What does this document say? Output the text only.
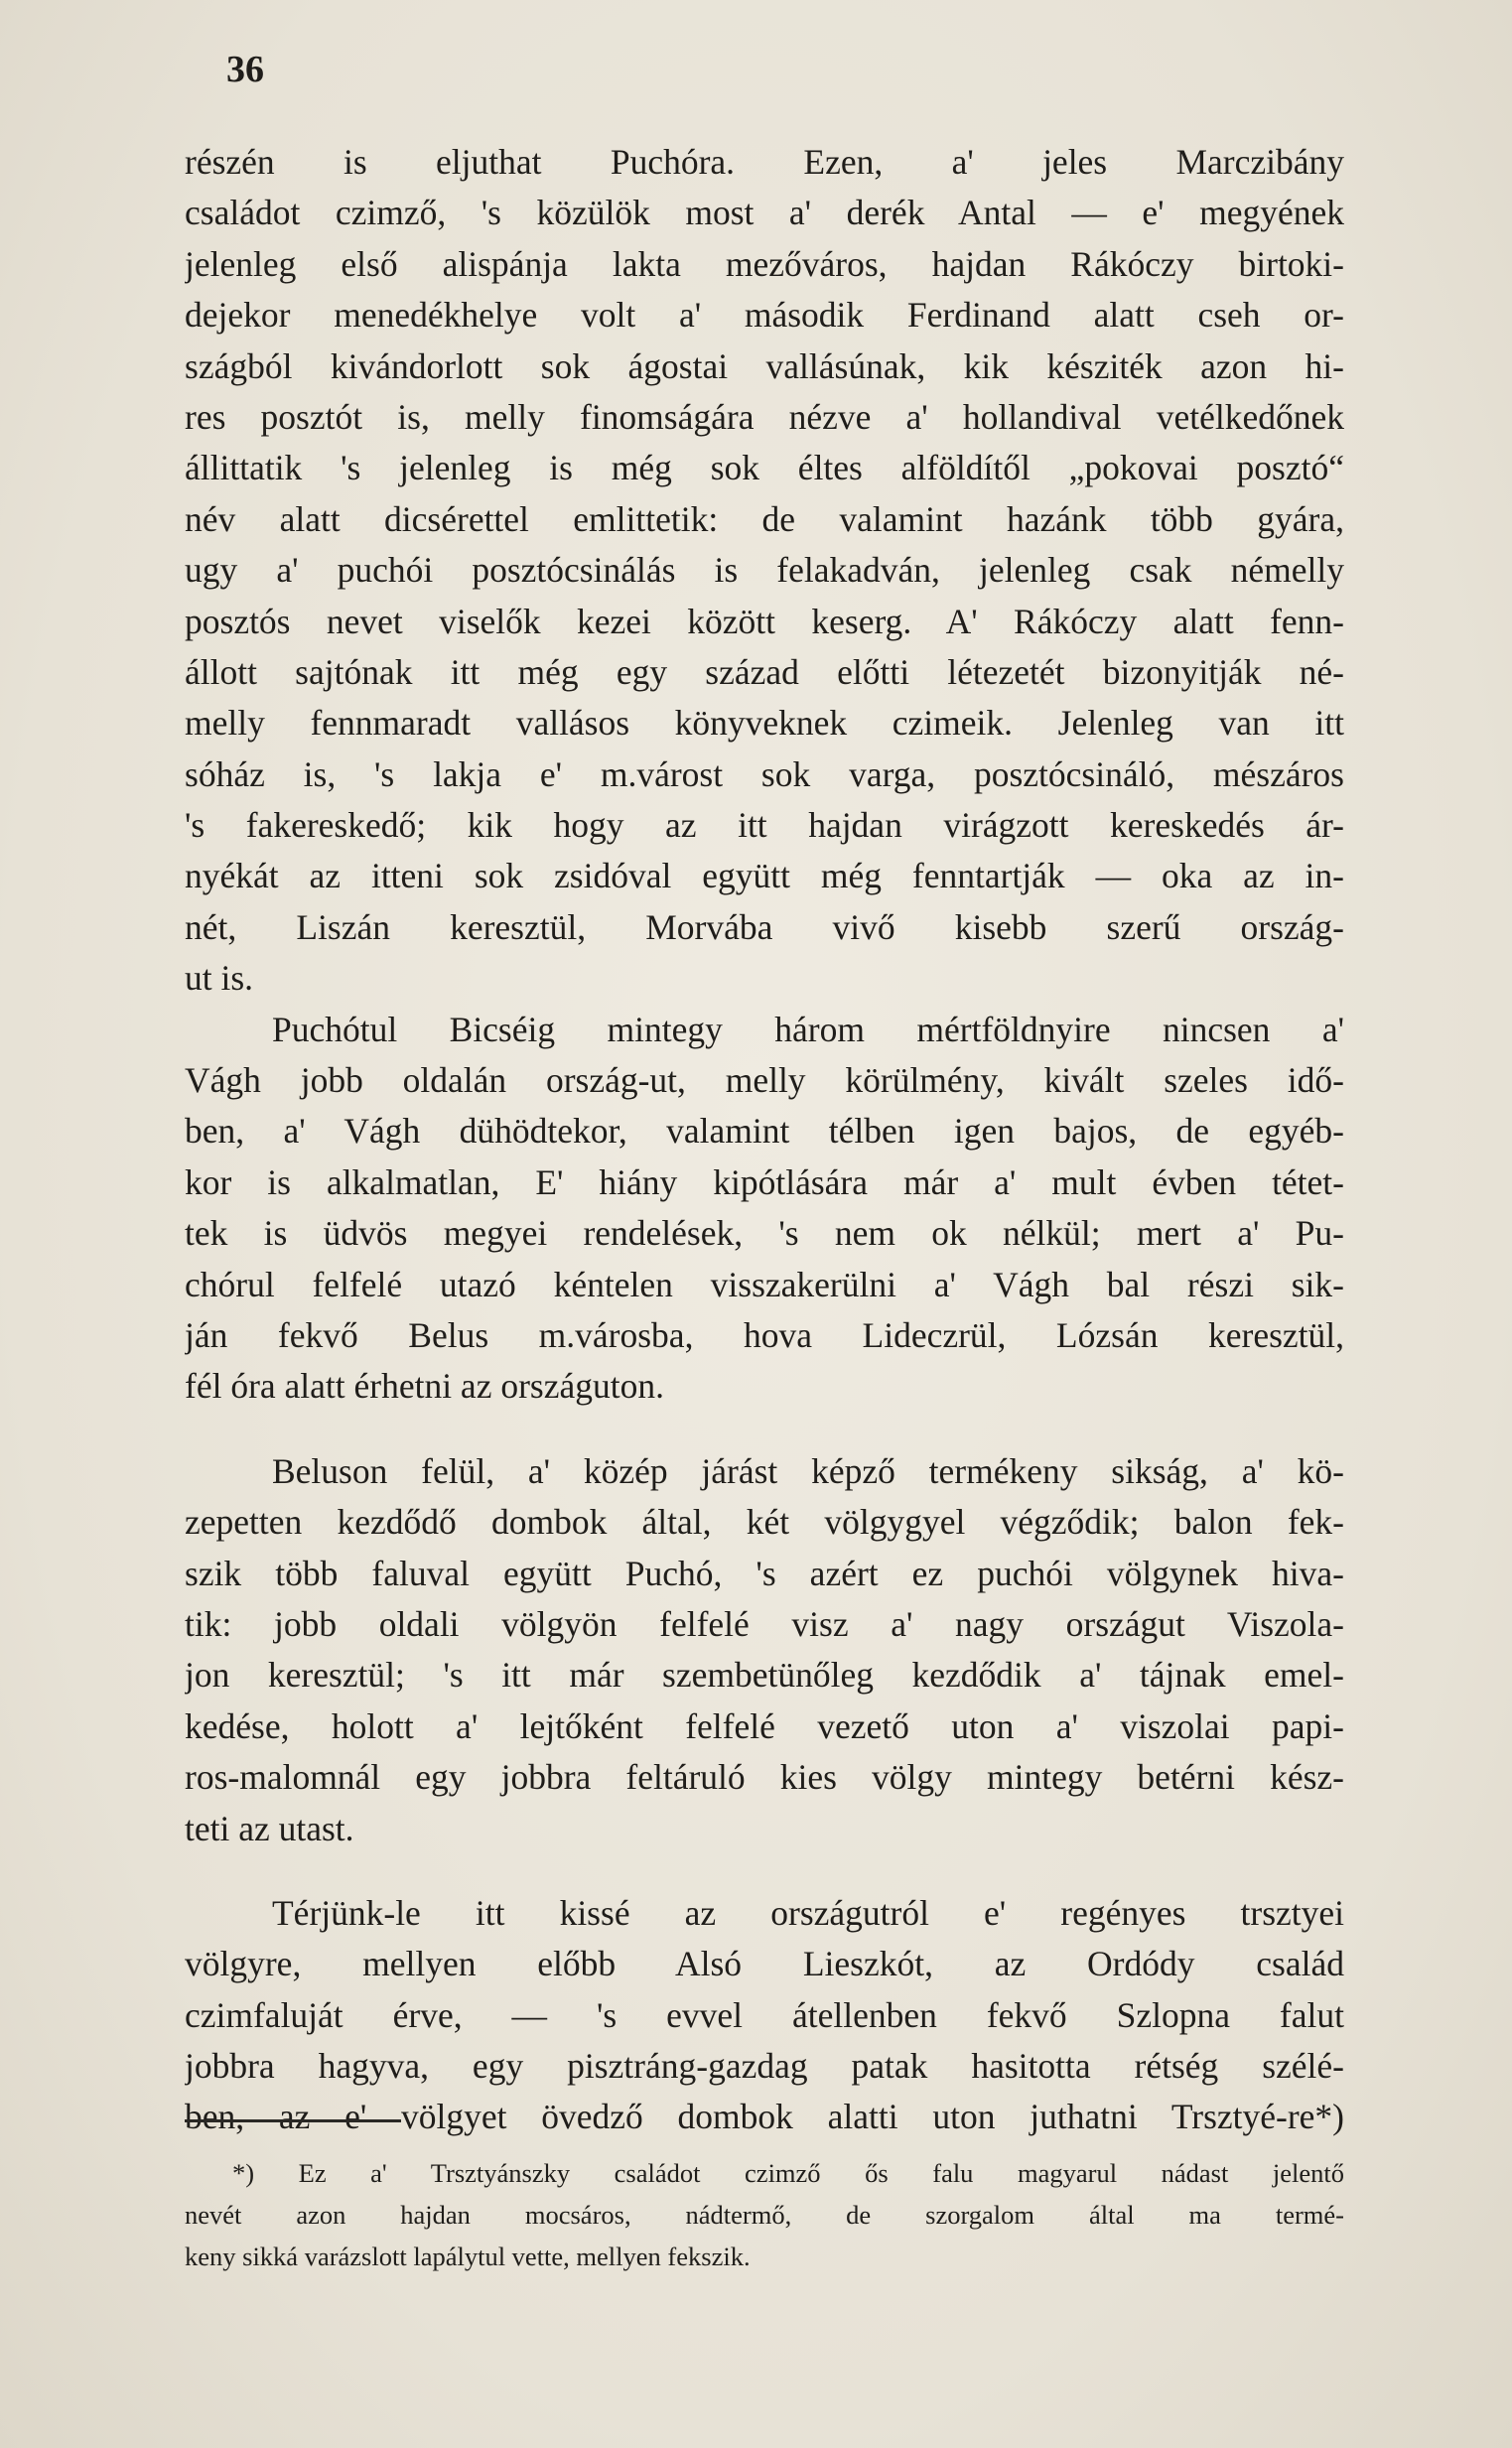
36
részén is eljuthat Puchóra. Ezen, a' jeles Marczibány
családot czimző, 's közülök most a' derék Antal — e' megyének
jelenleg első alispánja lakta mezőváros, hajdan Rákóczy birtoki-
dejekor menedékhelye volt a' második Ferdinand alatt cseh or-
szágból kivándorlott sok ágostai vallásúnak, kik késziték azon hi-
res posztót is, melly finomságára nézve a' hollandival vetélkedőnek
állittatik 's jelenleg is még sok éltes alföldítől „pokovai posztó“
név alatt dicsérettel emlittetik: de valamint hazánk több gyára,
ugy a' puchói posztócsinálás is felakadván, jelenleg csak némelly
posztós nevet viselők kezei között keserg. A' Rákóczy alatt fenn-
állott sajtónak itt még egy század előtti létezetét bizonyitják né-
melly fennmaradt vallásos könyveknek czimeik. Jelenleg van itt
sóház is, 's lakja e' m.várost sok varga, posztócsináló, mészáros
's fakereskedő; kik hogy az itt hajdan virágzott kereskedés ár-
nyékát az itteni sok zsidóval együtt még fenntartják — oka az in-
nét, Liszán keresztül, Morvába vivő kisebb szerű ország-
ut is.
Puchótul Bicséig mintegy három mértföldnyire nincsen a'
Vágh jobb oldalán ország-ut, melly körülmény, kivált szeles idő-
ben, a' Vágh dühödtekor, valamint télben igen bajos, de egyéb-
kor is alkalmatlan, E' hiány kipótlására már a' mult évben tétet-
tek is üdvös megyei rendelések, 's nem ok nélkül; mert a' Pu-
chórul felfelé utazó kéntelen visszakerülni a' Vágh bal részi sik-
ján fekvő Belus m.városba, hova Lideczrül, Lózsán keresztül,
fél óra alatt érhetni az országuton.
Beluson felül, a' közép járást képző termékeny sikság, a' kö-
zepetten kezdődő dombok által, két völgygyel végződik; balon fek-
szik több faluval együtt Puchó, 's azért ez puchói völgynek hiva-
tik: jobb oldali völgyön felfelé visz a' nagy országut Viszola-
jon keresztül; 's itt már szembetünőleg kezdődik a' tájnak emel-
kedése, holott a' lejtőként felfelé vezető uton a' viszolai papi-
ros-malomnál egy jobbra feltáruló kies völgy mintegy betérni kész-
teti az utast.
Térjünk-le itt kissé az országutról e' regényes trsztyei
völgyre, mellyen előbb Alsó Lieszkót, az Ordódy család
czimfaluját érve, — 's evvel átellenben fekvő Szlopna falut
jobbra hagyva, egy pisztráng-gazdag patak hasitotta rétség szélé-
ben, az e' völgyet övedző dombok alatti uton juthatni Trsztyé-re*)
*) Ez a' Trsztyánszky családot czimző ős falu magyarul nádast jelentő
nevét azon hajdan mocsáros, nádtermő, de szorgalom által ma termé-
keny sikká varázslott lapálytul vette, mellyen fekszik.
